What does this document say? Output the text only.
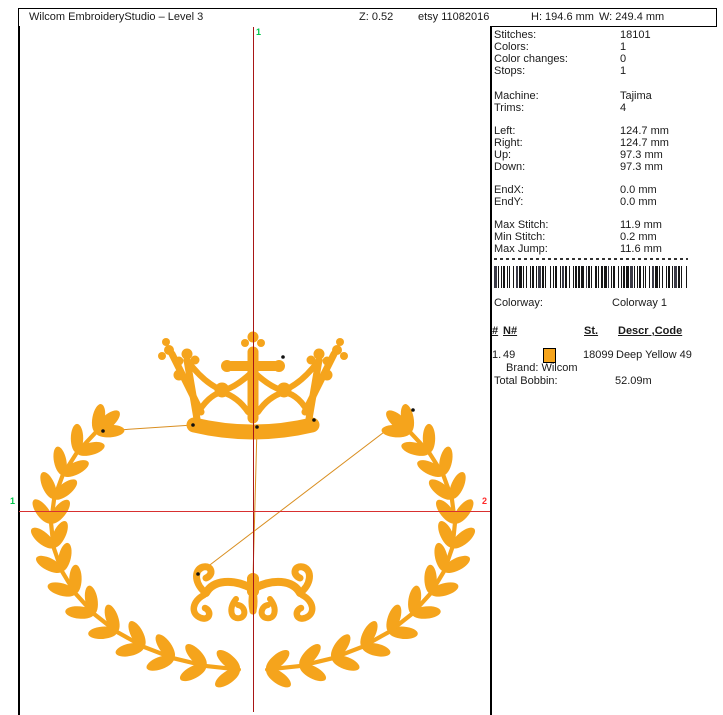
Wilcom EmbroideryStudio – Level 3	Z: 0.52 etsy 11082016	H: 194.6 mm W: 249.4 mm
1
1	2
Stitches:	18101
Colors:	1
Color changes:	0
Stops:	1
Machine:	Tajima
Trims:	4
Left:	124.7 mm
Right:	124.7 mm
Up:	97.3 mm
Down:	97.3 mm
EndX:	0.0 mm
EndY:	0.0 mm
Max Stitch:	11.9 mm
Min Stitch:	0.2 mm
Max Jump:	11.6 mm
Colorway:	Colorway 1
# N#	St. Descr ,Code
1. 49	18099 Deep Yellow 49
Brand: Wilcom
Total Bobbin:	52.09m
